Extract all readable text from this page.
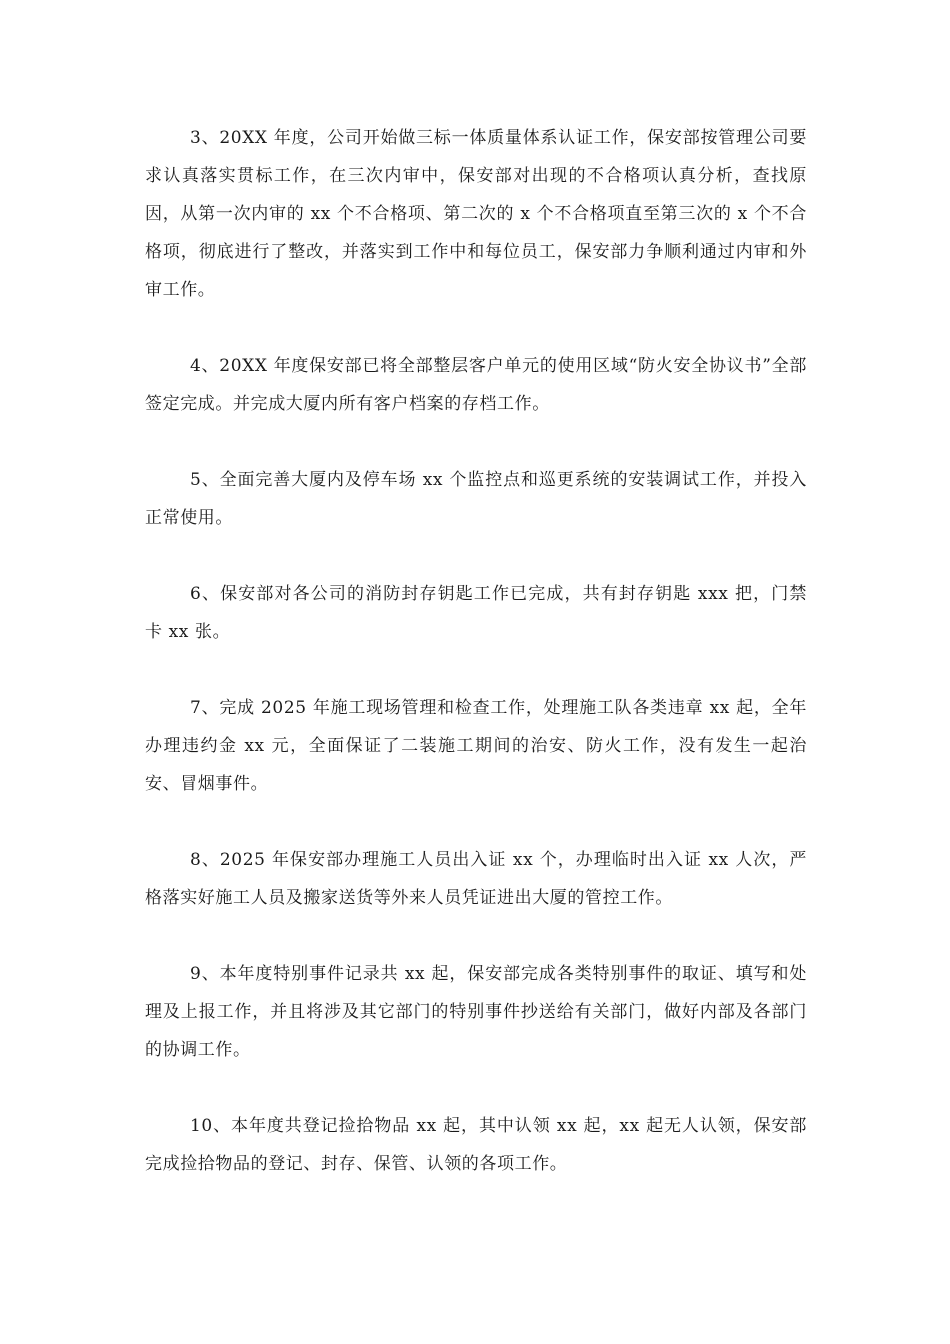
3、20XX 年度，公司开始做三标一体质量体系认证工作，保安部按管理公司要求认真落实贯标工作，在三次内审中，保安部对出现的不合格项认真分析，查找原因，从第一次内审的 xx 个不合格项、第二次的 x 个不合格项直至第三次的 x 个不合格项，彻底进行了整改，并落实到工作中和每位员工，保安部力争顺利通过内审和外审工作。

4、20XX 年度保安部已将全部整层客户单元的使用区域“防火安全协议书”全部签定完成。并完成大厦内所有客户档案的存档工作。

5、全面完善大厦内及停车场 xx 个监控点和巡更系统的安装调试工作，并投入正常使用。

6、保安部对各公司的消防封存钥匙工作已完成，共有封存钥匙 xxx 把，门禁卡 xx 张。

7、完成 2025 年施工现场管理和检查工作，处理施工队各类违章 xx 起，全年办理违约金 xx 元，全面保证了二装施工期间的治安、防火工作，没有发生一起治安、冒烟事件。

8、2025 年保安部办理施工人员出入证 xx 个，办理临时出入证 xx 人次，严格落实好施工人员及搬家送货等外来人员凭证进出大厦的管控工作。

9、本年度特别事件记录共 xx 起，保安部完成各类特别事件的取证、填写和处理及上报工作，并且将涉及其它部门的特别事件抄送给有关部门，做好内部及各部门的协调工作。

10、本年度共登记捡拾物品 xx 起，其中认领 xx 起，xx 起无人认领，保安部完成捡拾物品的登记、封存、保管、认领的各项工作。
